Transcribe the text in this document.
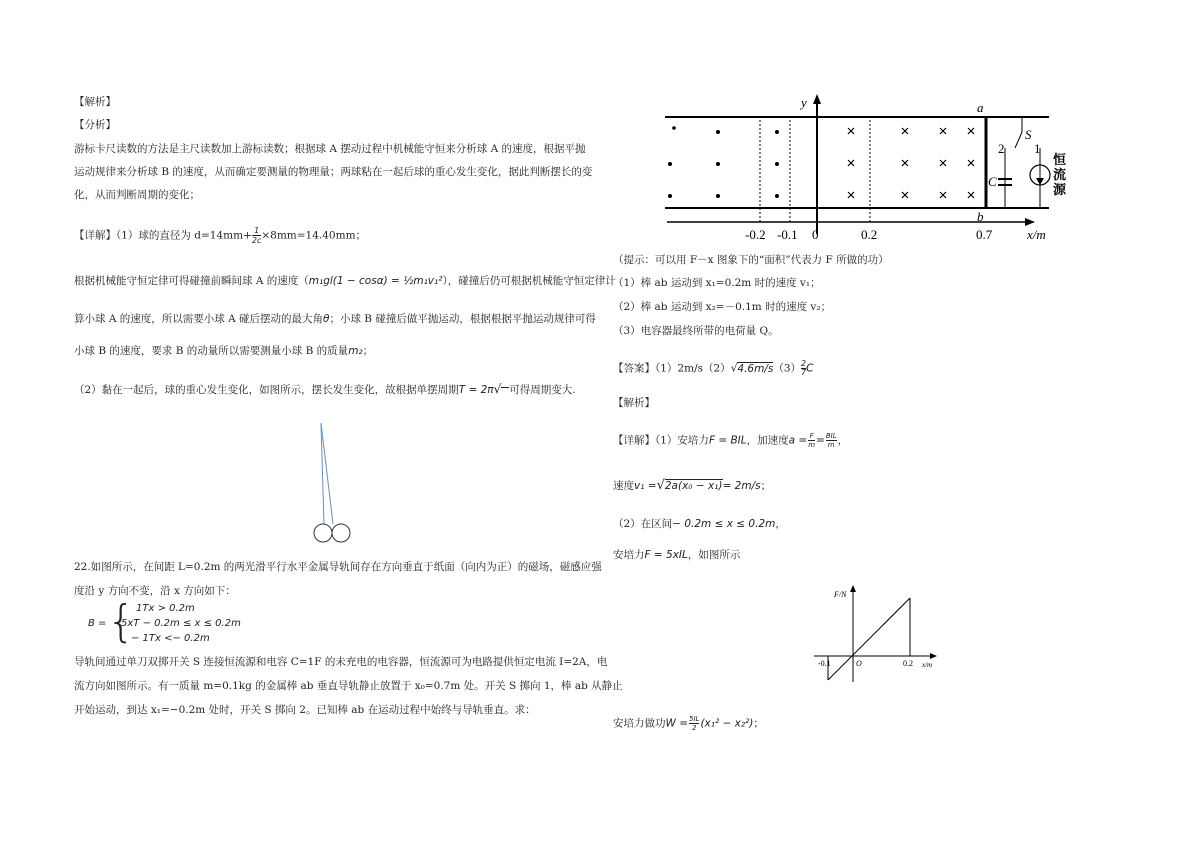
【解析】
【分析】
游标卡尺读数的方法是主尺读数加上游标读数；根据球 A 摆动过程中机械能守恒来分析球 A 的速度，根据平抛
运动规律来分析球 B 的速度，从而确定要测量的物理量；两球粘在一起后球的重心发生变化，据此判断摆长的变
化，从而判断周期的变化；
【详解】（1）球的直径为 $d=14mm+ \frac{1}{2c} \times 8mm=14.40mm$；
根据机械能守恒定律可得碰撞前瞬间球 A 的速度（m₁gl(1 − cosα) = ½m₁v₁²），碰撞后仍可根据机械能守恒定律计
算小球 A 的速度，所以需要小球 A 碰后摆动的最大角θ；小球 B 碰撞后做平抛运动，根据根据平抛运动规律可得
小球 B 的速度，要求 B 的动量所以需要测量小球 B 的质量m₂；
（2）黏在一起后，球的重心发生变化，如图所示，摆长发生变化，故根据单摆周期T = 2π√ 可得周期变大.
22.如图所示，在间距 L=0.2m 的两光滑平行水平金属导轨间存在方向垂直于纸面（向内为正）的磁场，磁感应强
度沿 y 方向不变，沿 x 方向如下：
B = { 1Tx > 0.2m
5xT − 0.2m ≤ x ≤ 0.2m
− 1Tx <− 0.2m
导轨间通过单刀双掷开关 S 连接恒流源和电容 C=1F 的未充电的电容器，恒流源可为电路提供恒定电流 I=2A，电
流方向如图所示。有一质量 m=0.1kg 的金属棒 ab 垂直导轨静止放置于 x₀=0.7m 处。开关 S 掷向 1，棒 ab 从静止
开始运动，到达 x₁=−0.2m 处时，开关 S 掷向 2。已知棒 ab 在运动过程中始终与导轨垂直。求：
y
x/m
a
b
S
2 1
C
恒
流
源
-0.2 -0.1 0	0.2	0.7
（提示：可以用 F－x 图象下的“面积”代表力 F 所做的功）
（1）棒 ab 运动到 x₁=0.2m 时的速度 v₁；
（2）棒 ab 运动到 x₂=－0.1m 时的速度 v₂；
（3）电容器最终所带的电荷量 Q。
【答案】$(1)2m/s(2)√4.6m/s(3) \frac{2}{7}$ C
【解析】
【详解】（1）安培力F = BIL，加速度$a = \frac{F}{m}$ = BIL
m ，
速度v₁ =√2a(x₀ − x₁)= 2m/s；
（2）在区间− 0.2m ≤ x ≤ 0.2m，
安培力F = 5xIL，如图所示
F/N
x/m
O
-0.1	0.2
安培力做功$W = \frac{5IL}{2} (x_1^2 - x_2^2)$；
